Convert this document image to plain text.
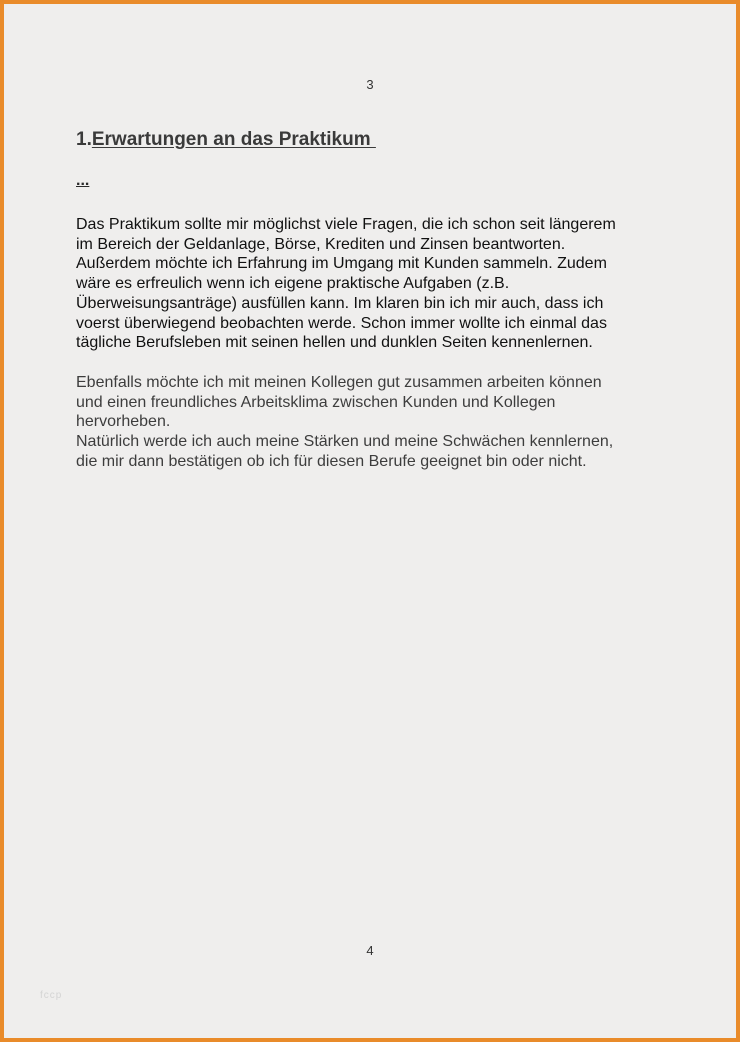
3
1.Erwartungen an das Praktikum
...

Das Praktikum sollte mir möglichst viele Fragen, die ich schon seit längerem
im Bereich der Geldanlage, Börse, Krediten und Zinsen beantworten.
Außerdem möchte ich Erfahrung im Umgang mit Kunden sammeln. Zudem
wäre es erfreulich wenn ich eigene praktische Aufgaben (z.B.
Überweisungsanträge) ausfüllen kann. Im klaren bin ich mir auch, dass ich
voerst überwiegend beobachten werde. Schon immer wollte ich einmal das
tägliche Berufsleben mit seinen hellen und dunklen Seiten kennenlernen.

Ebenfalls möchte ich mit meinen Kollegen gut zusammen arbeiten können
und einen freundliches Arbeitsklima zwischen Kunden und Kollegen
hervorheben.
Natürlich werde ich auch meine Stärken und meine Schwächen kennlernen,
die mir dann bestätigen ob ich für diesen Berufe geeignet bin oder nicht.

4
fccp
